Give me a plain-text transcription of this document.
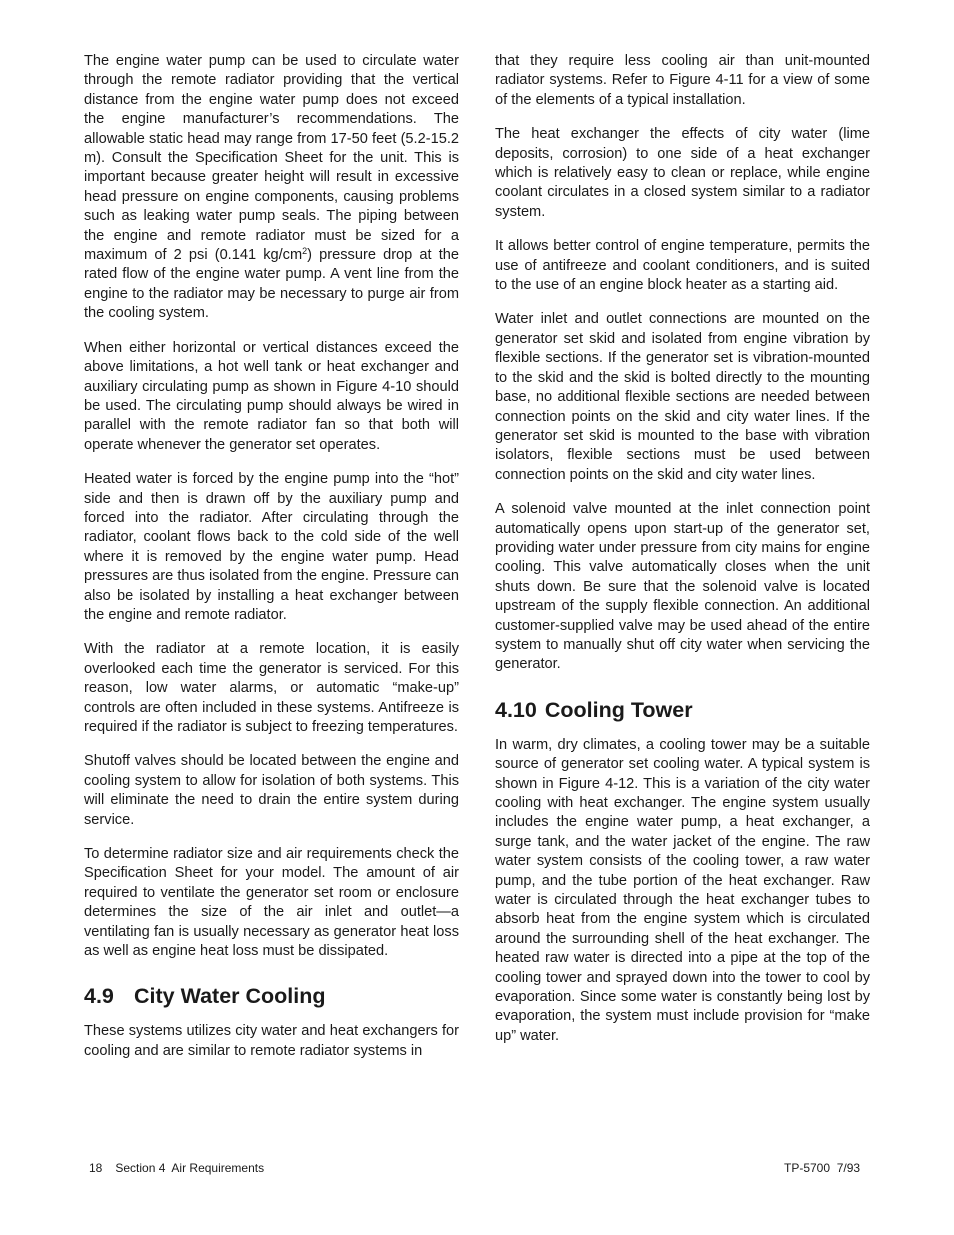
The engine water pump can be used to circulate water through the remote radiator providing that the vertical distance from the engine water pump does not exceed the engine manufacturer’s recommendations. The allowable static head may range from 17-50 feet (5.2-15.2 m). Consult the Specification Sheet for the unit. This is important because greater height will result in excessive head pressure on engine components, causing problems such as leaking water pump seals. The piping between the engine and remote radiator must be sized for a maximum of 2 psi (0.141 $kg/cm^2$) pressure drop at the rated flow of the engine water pump. A vent line from the engine to the radiator may be necessary to purge air from the cooling system.

When either horizontal or vertical distances exceed the above limitations, a hot well tank or heat exchanger and auxiliary circulating pump as shown in Figure 4-10 should be used. The circulating pump should always be wired in parallel with the remote radiator fan so that both will operate whenever the generator set operates.

Heated water is forced by the engine pump into the “hot” side and then is drawn off by the auxiliary pump and forced into the radiator. After circulating through the radiator, coolant flows back to the cold side of the well where it is removed by the engine water pump. Head pressures are thus isolated from the engine. Pressure can also be isolated by installing a heat exchanger between the engine and remote radiator.

With the radiator at a remote location, it is easily overlooked each time the generator is serviced. For this reason, low water alarms, or automatic “make-up” controls are often included in these systems. Antifreeze is required if the radiator is subject to freezing temperatures.

Shutoff valves should be located between the engine and cooling system to allow for isolation of both systems. This will eliminate the need to drain the entire system during service.

To determine radiator size and air requirements check the Specification Sheet for your model. The amount of air required to ventilate the generator set room or enclosure determines the size of the air inlet and outlet—a ventilating fan is usually necessary as generator heat loss as well as engine heat loss must be dissipated.

4.9 City Water Cooling

These systems utilizes city water and heat exchangers for cooling and are similar to remote radiator systems in

that they require less cooling air than unit-mounted radiator systems. Refer to Figure 4-11 for a view of some of the elements of a typical installation.

The heat exchanger the effects of city water (lime deposits, corrosion) to one side of a heat exchanger which is relatively easy to clean or replace, while engine coolant circulates in a closed system similar to a radiator system.

It allows better control of engine temperature, permits the use of antifreeze and coolant conditioners, and is suited to the use of an engine block heater as a starting aid.

Water inlet and outlet connections are mounted on the generator set skid and isolated from engine vibration by flexible sections. If the generator set is vibration-mounted to the skid and the skid is bolted directly to the mounting base, no additional flexible sections are needed between connection points on the skid and city water lines. If the generator set skid is mounted to the base with vibration isolators, flexible sections must be used between connection points on the skid and city water lines.

A solenoid valve mounted at the inlet connection point automatically opens upon start-up of the generator set, providing water under pressure from city mains for engine cooling. This valve automatically closes when the unit shuts down. Be sure that the solenoid valve is located upstream of the supply flexible connection. An additional customer-supplied valve may be used ahead of the entire system to manually shut off city water when servicing the generator.

4.10 Cooling Tower

In warm, dry climates, a cooling tower may be a suitable source of generator set cooling water. A typical system is shown in Figure 4-12. This is a variation of the city water cooling with heat exchanger. The engine system usually includes the engine water pump, a heat exchanger, a surge tank, and the water jacket of the engine. The raw water system consists of the cooling tower, a raw water pump, and the tube portion of the heat exchanger. Raw water is circulated through the heat exchanger tubes to absorb heat from the engine system which is circulated around the surrounding shell of the heat exchanger. The heated raw water is directed into a pipe at the top of the cooling tower and sprayed down into the tower to cool by evaporation. Since some water is constantly being lost by evaporation, the system must include provision for “make up” water.

18 Section 4  Air Requirements	TP-5700  7/93
